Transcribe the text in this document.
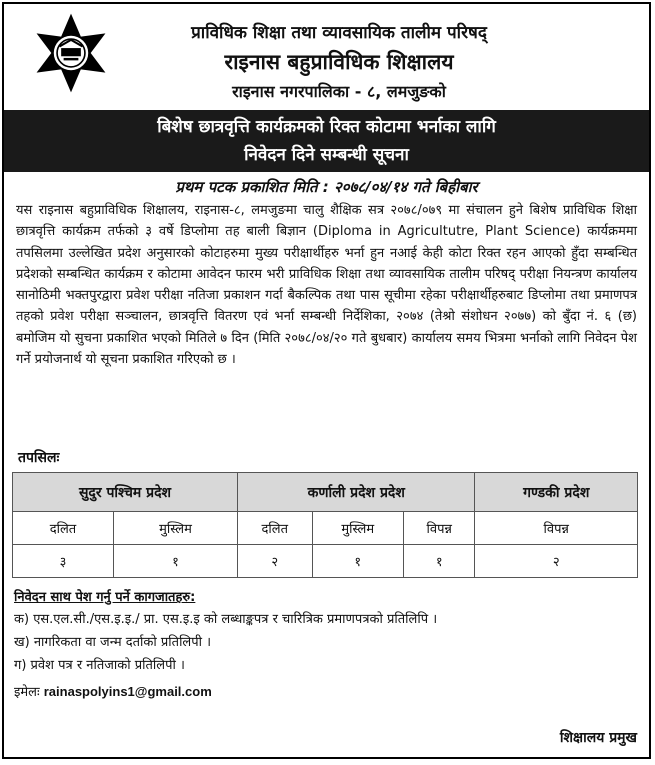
प्राविधिक शिक्षा तथा व्यावसायिक तालीम परिषद्
राइनास बहुप्राविधिक शिक्षालय
राइनास नगरपालिका - ८, लमजुङको
बिशेष छात्रवृत्ति कार्यक्रमको रिक्त कोटामा भर्नाका लागि
निवेदन दिने सम्बन्धी सूचना
प्रथम पटक प्रकाशित मिति : २०७८/०४/१४ गते बिहीबार
यस राइनास बहुप्राविधिक शिक्षालय, राइनास-८, लमजुङमा चालु शैक्षिक सत्र २०७८/०७९ मा संचालन हुने बिशेष प्राविधिक शिक्षा छात्रवृत्ति कार्यक्रम तर्फको ३ वर्षे डिप्लोमा तह बाली बिज्ञान (Diploma in Agricultutre, Plant Science) कार्यक्रममा तपसिलमा उल्लेखित प्रदेश अनुसारको कोटाहरुमा मुख्य परीक्षार्थीहरु भर्ना हुन नआई केही कोटा रिक्त रहन आएको हुँदा सम्बन्धित प्रदेशको सम्बन्धित कार्यक्रम र कोटामा आवेदन फारम भरी प्राविधिक शिक्षा तथा व्यावसायिक तालीम परिषद् परीक्षा नियन्त्रण कार्यालय सानोठिमी भक्तपुरद्वारा प्रवेश परीक्षा नतिजा प्रकाशन गर्दा बैकल्पिक तथा पास सूचीमा रहेका परीक्षार्थीहरुबाट डिप्लोमा तथा प्रमाणपत्र तहको प्रवेश परीक्षा सञ्चालन, छात्रवृत्ति वितरण एवं भर्ना सम्बन्धी निर्देशिका, २०७४ (तेश्रो संशोधन २०७७) को बुँदा नं. ६ (छ) बमोजिम यो सुचना प्रकाशित भएको मितिले ७ दिन (मिति २०७८/०४/२० गते बुधबार) कार्यालय समय भित्रमा भर्नाको लागि निवेदन पेश गर्ने प्रयोजनार्थ यो सूचना प्रकाशित गरिएको छ ।
तपसिलः
सुदुर पश्चिम प्रदेश		कर्णाली प्रदेश प्रदेश			गण्डकी प्रदेश
दलित	मुस्लिम	दलित	मुस्लिम	विपन्न	विपन्न
३	१	२	१	१	२
निवेदन साथ पेश गर्नु पर्ने कागजातहरु:
क) एस.एल.सी./एस.इ.इ./ प्रा. एस.इ.इ को लब्धाङ्कपत्र र चारित्रिक प्रमाणपत्रको प्रतिलिपि ।
ख) नागरिकता वा जन्म दर्ताको प्रतिलिपी ।
ग) प्रवेश पत्र र नतिजाको प्रतिलिपी ।
इमेलः rainaspolyins1@gmail.com
शिक्षालय प्रमुख
